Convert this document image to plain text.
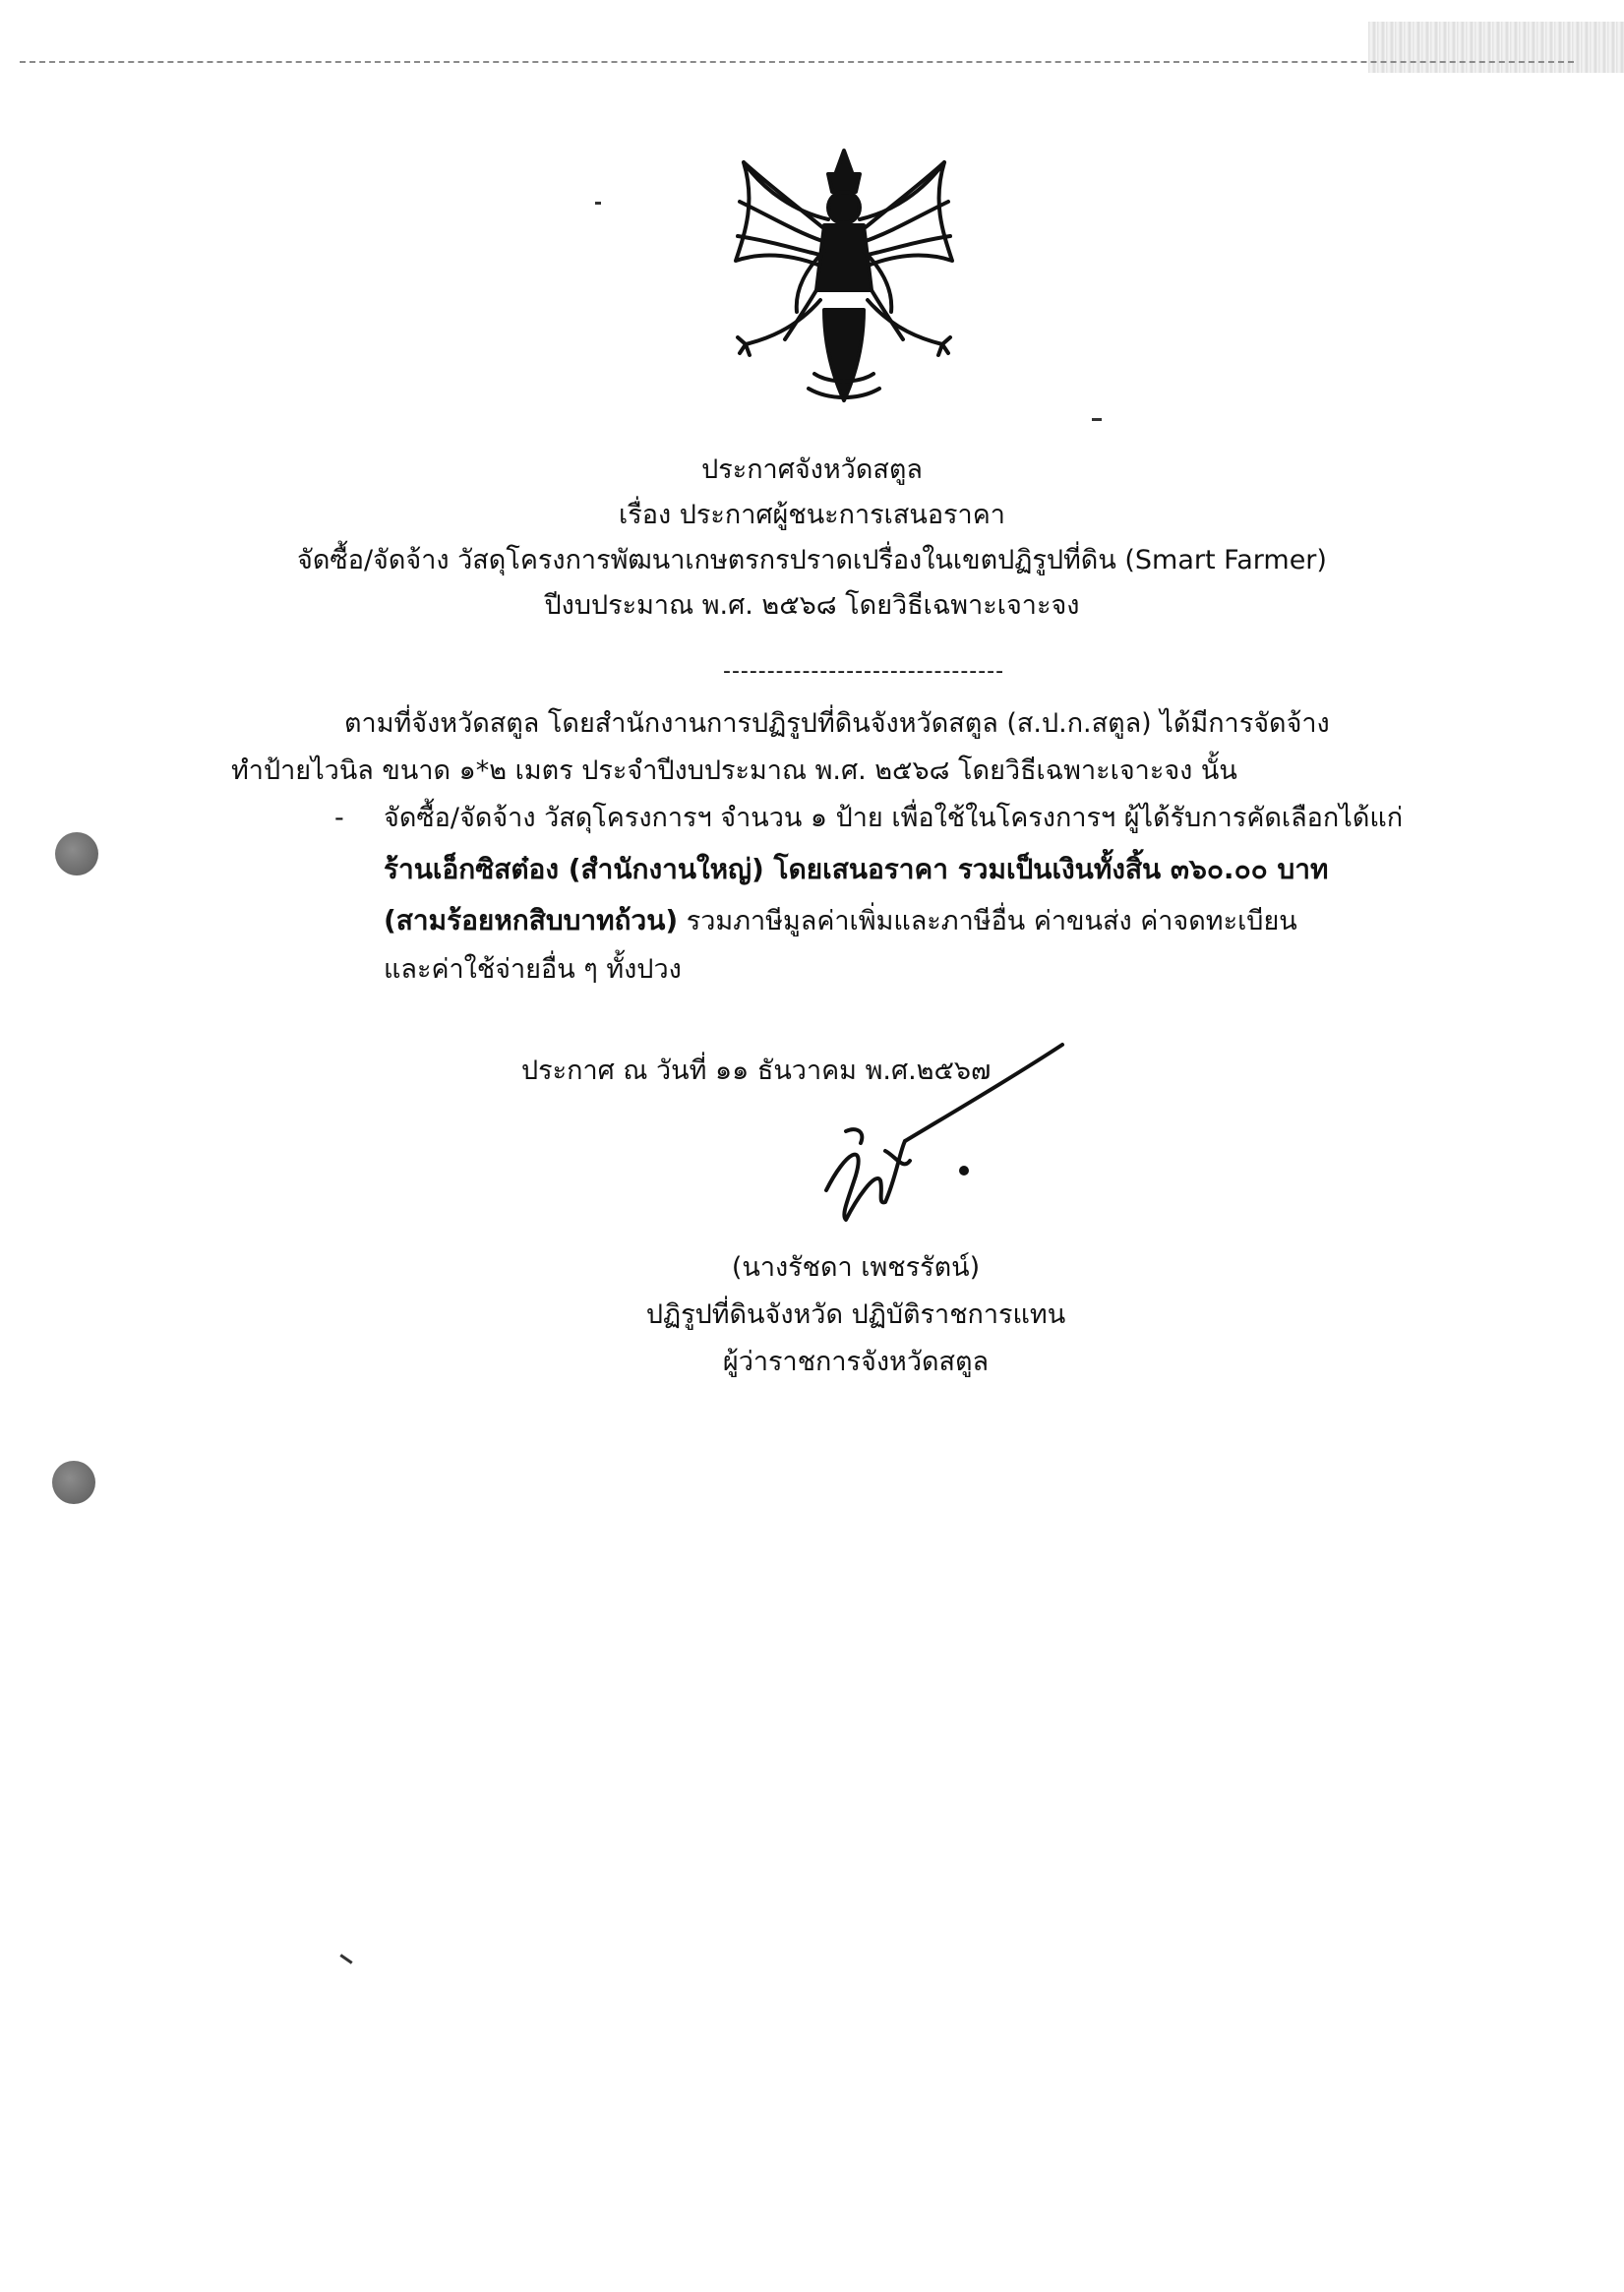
ประกาศจังหวัดสตูล
เรื่อง ประกาศผู้ชนะการเสนอราคา
จัดซื้อ/จัดจ้าง วัสดุโครงการพัฒนาเกษตรกรปราดเปรื่องในเขตปฏิรูปที่ดิน (Smart Farmer)
ปีงบประมาณ พ.ศ. ๒๕๖๘ โดยวิธีเฉพาะเจาะจง
--------------------------------
ตามที่จังหวัดสตูล โดยสำนักงานการปฏิรูปที่ดินจังหวัดสตูล (ส.ป.ก.สตูล) ได้มีการจัดจ้าง
ทำป้ายไวนิล ขนาด ๑*๒ เมตร ประจำปีงบประมาณ พ.ศ. ๒๕๖๘ โดยวิธีเฉพาะเจาะจง นั้น
- จัดซื้อ/จัดจ้าง วัสดุโครงการฯ จำนวน ๑ ป้าย เพื่อใช้ในโครงการฯ ผู้ได้รับการคัดเลือกได้แก่
ร้านเอ็กซิสต๋อง (สำนักงานใหญ่) โดยเสนอราคา รวมเป็นเงินทั้งสิ้น ๓๖๐.๐๐ บาท
(สามร้อยหกสิบบาทถ้วน) รวมภาษีมูลค่าเพิ่มและภาษีอื่น ค่าขนส่ง ค่าจดทะเบียน
และค่าใช้จ่ายอื่น ๆ ทั้งปวง
ประกาศ ณ วันที่ ๑๑ ธันวาคม พ.ศ.๒๕๖๗
(นางรัชดา เพชรรัตน์)
ปฏิรูปที่ดินจังหวัด ปฏิบัติราชการแทน
ผู้ว่าราชการจังหวัดสตูล
